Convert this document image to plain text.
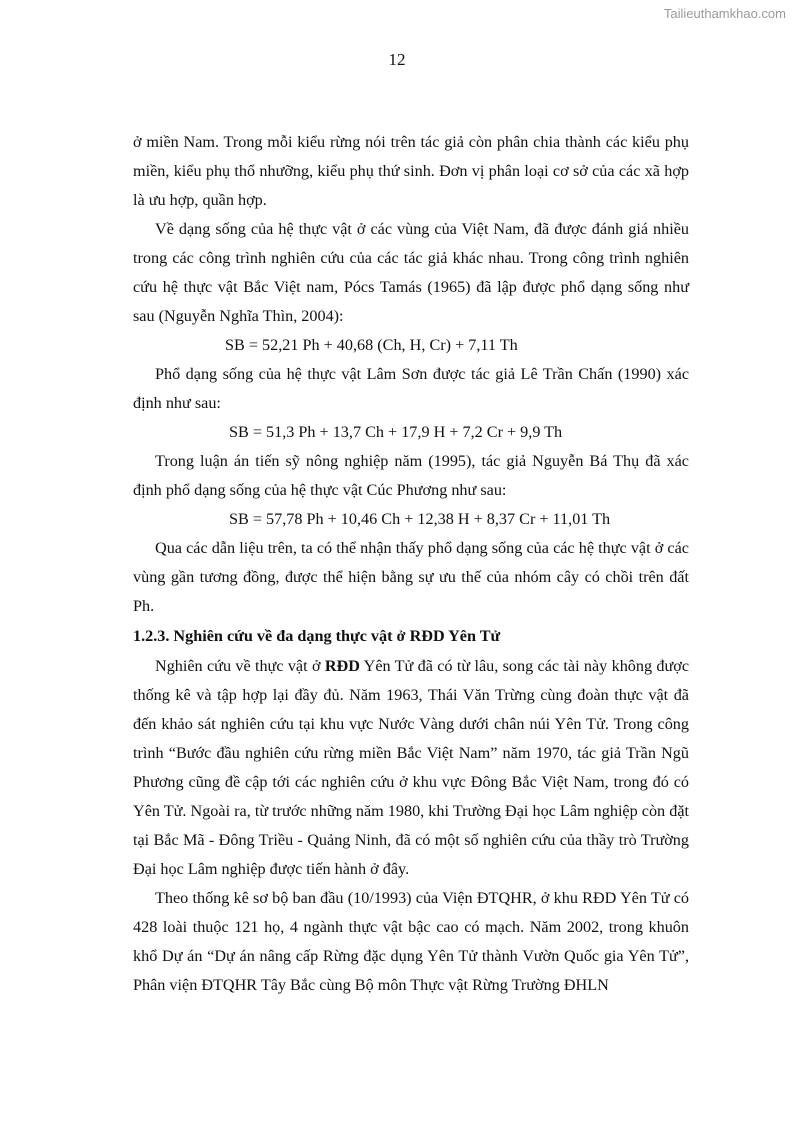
Tailieuthamkhao.com
12

ở miền Nam. Trong mỗi kiểu rừng nói trên tác giả còn phân chia thành các kiểu phụ miền, kiểu phụ thổ nhưỡng, kiểu phụ thứ sinh. Đơn vị phân loại cơ sở của các xã hợp là ưu hợp, quần hợp.

Về dạng sống của hệ thực vật ở các vùng của Việt Nam, đã được đánh giá nhiều trong các công trình nghiên cứu của các tác giả khác nhau. Trong công trình nghiên cứu hệ thực vật Bắc Việt nam, Pócs Tamás (1965) đã lập được phổ dạng sống như sau (Nguyễn Nghĩa Thìn, 2004):

SB = 52,21 Ph + 40,68 (Ch, H, Cr) + 7,11 Th

Phổ dạng sống của hệ thực vật Lâm Sơn được tác giả Lê Trần Chấn (1990) xác định như sau:

SB = 51,3 Ph + 13,7 Ch + 17,9 H + 7,2 Cr + 9,9 Th

Trong luận án tiến sỹ nông nghiệp năm (1995), tác giả Nguyễn Bá Thụ đã xác định phổ dạng sống của hệ thực vật Cúc Phương như sau:

SB = 57,78 Ph + 10,46 Ch + 12,38 H + 8,37 Cr + 11,01 Th

Qua các dẫn liệu trên, ta có thể nhận thấy phổ dạng sống của các hệ thực vật ở các vùng gần tương đồng, được thể hiện bằng sự ưu thế của nhóm cây có chồi trên đất Ph.

1.2.3. Nghiên cứu về đa dạng thực vật ở RĐD Yên Tử

Nghiên cứu về thực vật ở RĐD Yên Tử đã có từ lâu, song các tài này không được thống kê và tập hợp lại đầy đủ. Năm 1963, Thái Văn Trừng cùng đoàn thực vật đã đến khảo sát nghiên cứu tại khu vực Nước Vàng dưới chân núi Yên Tử. Trong công trình “Bước đầu nghiên cứu rừng miền Bắc Việt Nam” năm 1970, tác giả Trần Ngũ Phương cũng đề cập tới các nghiên cứu ở khu vực Đông Bắc Việt Nam, trong đó có Yên Tử. Ngoài ra, từ trước những năm 1980, khi Trường Đại học Lâm nghiệp còn đặt tại Bắc Mã - Đông Triều - Quảng Ninh, đã có một số nghiên cứu của thầy trò Trường Đại học Lâm nghiệp được tiến hành ở đây.

Theo thống kê sơ bộ ban đầu (10/1993) của Viện ĐTQHR, ở khu RĐD Yên Tử có 428 loài thuộc 121 họ, 4 ngành thực vật bậc cao có mạch. Năm 2002, trong khuôn khổ Dự án “Dự án nâng cấp Rừng đặc dụng Yên Tử thành Vườn Quốc gia Yên Tử”, Phân viện ĐTQHR Tây Bắc cùng Bộ môn Thực vật Rừng Trường ĐHLN
